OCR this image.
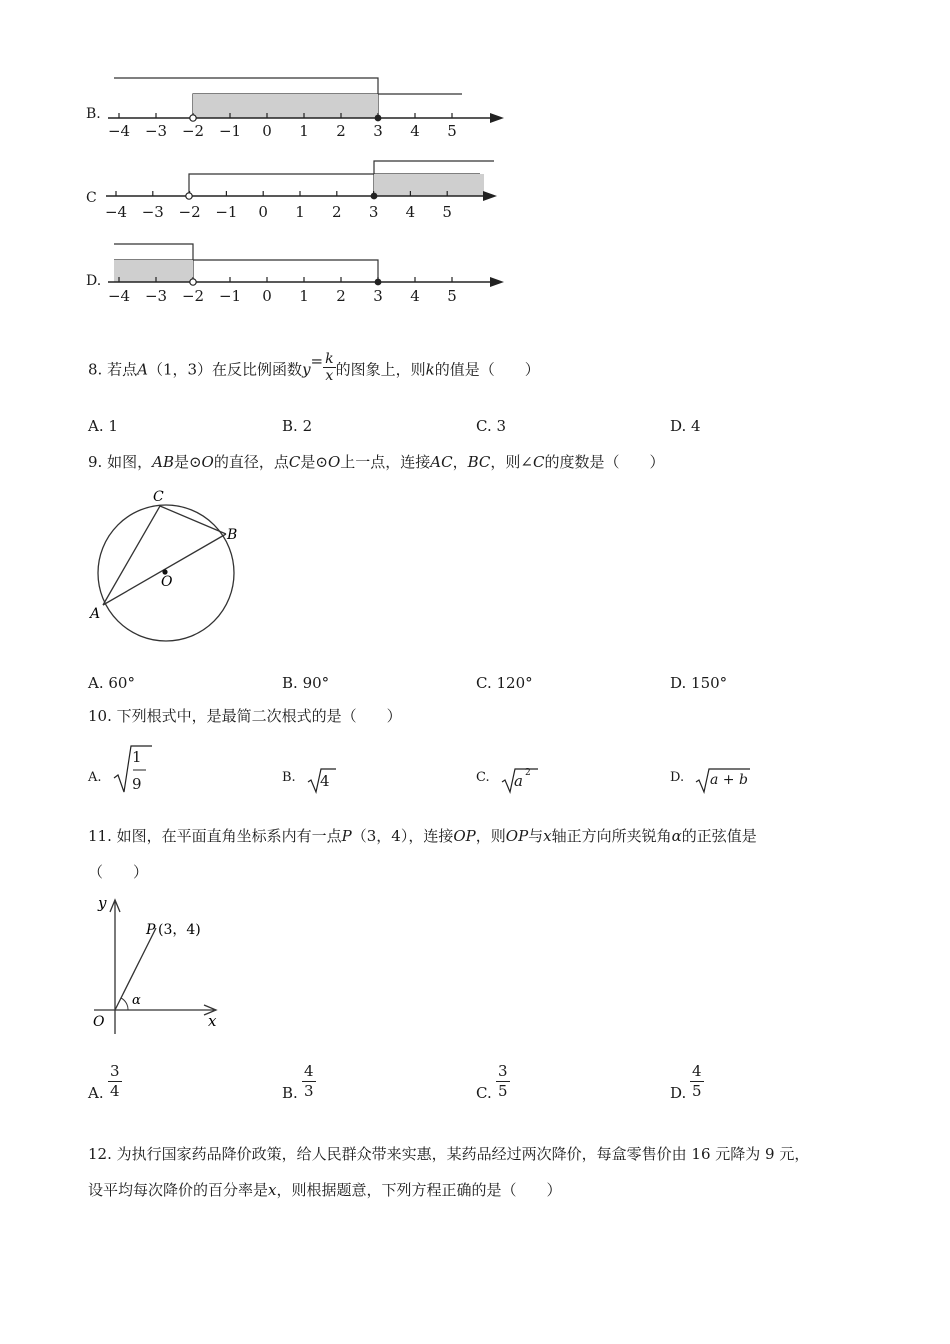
B.
C
D.
8. 若点A（1，3）在反比例函数$y= \frac{k}{x}$ 的图象上，则k的值是（　　）
A. 1	B. 2	C. 3	D. 4
9. 如图，AB是⊙O的直径，点C是⊙O上一点，连接AC，BC，则∠C的度数是（　　）
C
B
O
A
A. 60°	B. 90°	C. 120°	D. 150°
10. 下列根式中，是最简二次根式的是（　　）
A.
1
9	B. 4	C. a 2	D. a + b
11. 如图，在平面直角坐标系内有一点P（3，4），连接OP，则OP与x轴正方向所夹锐角α的正弦值是
（　　）
y
x
O
α
P (3，4)
A. $\frac{3}{4}$	B. $\frac{4}{3}$	C. $\frac{3}{5}$	D. $\frac{4}{5}$
12. 为执行国家药品降价政策，给人民群众带来实惠，某药品经过两次降价，每盒零售价由 16 元降为 9 元，
设平均每次降价的百分率是x，则根据题意，下列方程正确的是（　　）
−4 −3 −2 −1 0 1 2 3 4 5
−4 −3 −2 −1 0 1 2 3 4 5
−4 −3 −2 −1 0 1 2 3 4 5
